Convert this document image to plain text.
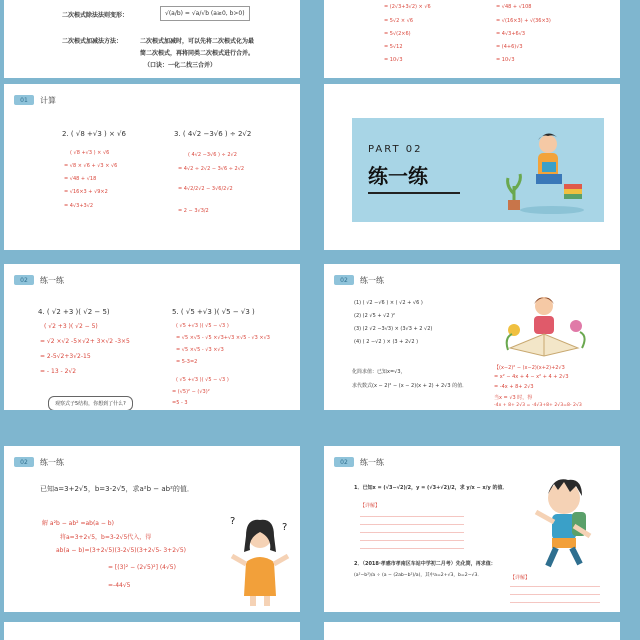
二次根式除法法则变形：	√(a/b) = √a/√b (a≥0, b>0)
二次根式加减法方法：	二次根式加减时，可以先将二次根式化为最
简二次根式，再将同类二次根式进行合并。
（口诀：一化二找三合并）
= (2√3+3√2) × √6
= 5√2 × √6
= 5√(2×6)
= 5√12
= 10√3
= √48 + √108
= √(16×3) + √(36×3)
= 4√3+6√3
= (4+6)√3
= 10√3
01	计算
2. ( √8 +√3 ) × √6
( √8 +√3 ) × √6
= √8 × √6 + √3 × √6
= √48 + √18
= √16×3 + √9×2
= 4√3+3√2
3. ( 4√2 −3√6 ) ÷ 2√2
( 4√2 −3√6 ) ÷ 2√2
= 4√2 ÷ 2√2 − 3√6 ÷ 2√2
= 4√2/2√2 − 3√6/2√2
= 2 − 3√3/2
PART 02
练一练
02	练一练
4. ( √2 +3 )( √2 − 5)
( √2 +3 )( √2 − 5)
= √2 ×√2 -5×√2+ 3×√2 -3×5
= 2-5√2+3√2-15
= - 13 - 2√2
5. ( √5 +√3 )( √5 − √3 )
( √5 +√3 )( √5 − √3 )
= √5 ×√5 - √5 ×√3+√3 ×√5 - √3 ×√3
= √5 ×√5 - √3 ×√3
= 5-3=2
( √5 +√3 )( √5 − √3 )
= (√5)² − (√3)²
=5 - 3
观察式子5结构，你想到了什么?
02	练一练
(1) ( √2 −√6 ) × ( √2 + √6 )
(2) (2 √5 + √2 )²
(3) (2 √2 −3√3) × (3√3 + 2 √2)
(4) ( 2 −√2 ) × (3 + 2√2 )
化简求值：已知x=√3，
求代数式(x − 2)² − (x − 2)(x + 2) + 2√3 的值．
【(x−2)² − (x−2)(x+2)+2√3
= x² − 4x + 4 − x² + 4 + 2√3
= -4x + 8+ 2√3
当x = √3 时，得
-4x + 8+ 2√3 = -4√3+8+ 2√3=8- 2√3
02	练一练
已知a=3+2√5，b=3-2√5，求a²b − ab²的值．
解 a²b − ab² =ab(a − b)
将a=3+2√5，b=3-2√5代入，得
ab(a − b)=(3+2√5)(3-2√5)(3+2√5- 3+2√5)
= [(3)² − (2√5)²] (4√5)
=-44√5
?
?
02	练一练
1．已知x = (√3−√2)/2，y = (√3+√2)/2，求 y/x − x/y 的值．
【详解】
2．（2018·孝感市孝南区车站中学初二月考）先化简，再求值：
(a²−b²)/a ÷ (a − (2ab−b²)/a)，其中a=2+√3，b=2−√3．	【详解】
